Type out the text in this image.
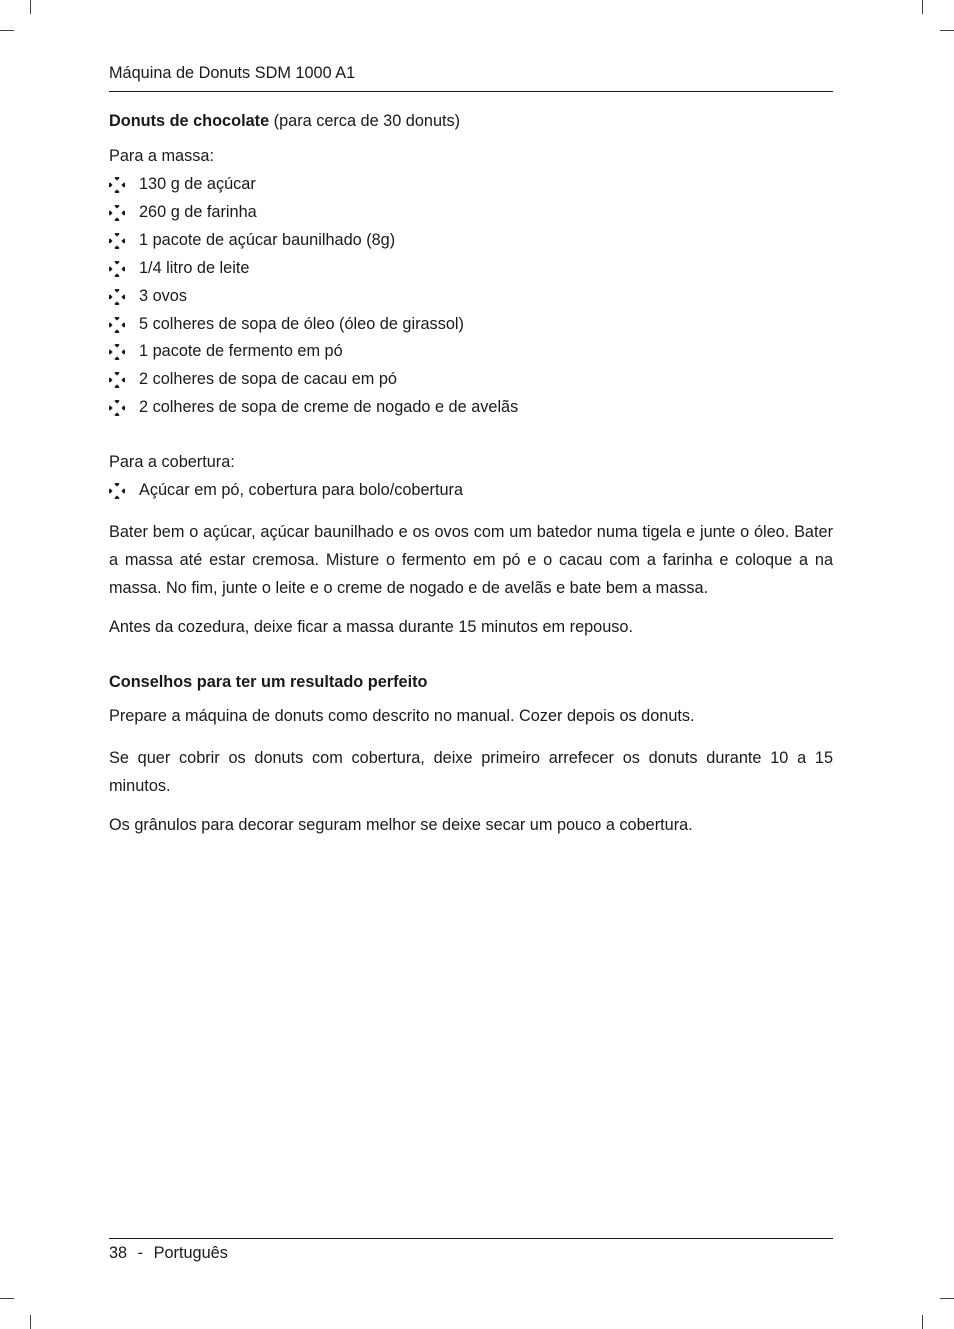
Máquina de Donuts SDM 1000 A1
Donuts de chocolate (para cerca de 30 donuts)
Para a massa:
130 g de açúcar
260 g de farinha
1 pacote de açúcar baunilhado (8g)
1/4 litro de leite
3 ovos
5 colheres de sopa de óleo (óleo de girassol)
1 pacote de fermento em pó
2 colheres de sopa de cacau em pó
2 colheres de sopa de creme de nogado e de avelãs
Para a cobertura:
Açúcar em pó, cobertura para bolo/cobertura
Bater bem o açúcar, açúcar baunilhado e os ovos com um batedor numa tigela e junte o óleo. Bater a massa até estar cremosa. Misture o fermento em pó e o cacau com a farinha e coloque a na massa. No fim, junte o leite e o creme de nogado e de avelãs e bate bem a massa.
Antes da cozedura, deixe ficar a massa durante 15 minutos em repouso.
Conselhos para ter um resultado perfeito
Prepare a máquina de donuts como descrito no manual. Cozer depois os donuts.
Se quer cobrir os donuts com cobertura, deixe primeiro arrefecer os donuts durante 10 a 15 minutos.
Os grânulos para decorar seguram melhor se deixe secar um pouco a cobertura.
38 - Português
